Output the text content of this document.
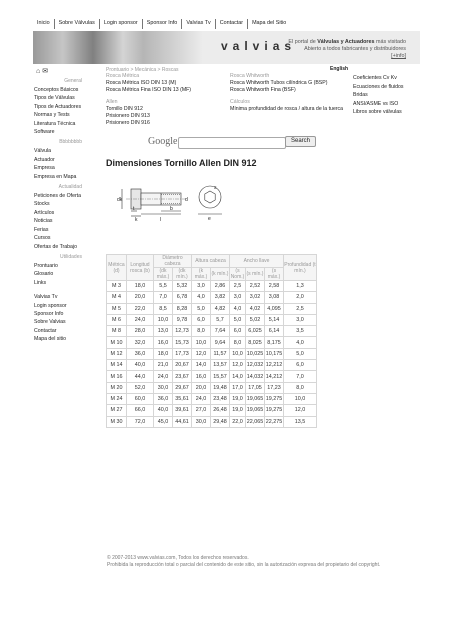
Inicio	Sobre Válvulas	Login sponsor	Sponsor Info	Valvias Tv	Contactar	Mapa del Sitio
valvias
El portal de Válvulas y Actuadores más visitado
Abierto a todos fabricantes y distribuidores
[+info]
⌂ ✉
General
Conceptos Básicos
Tipos de Válvulas
Tipos de Actuadores
Normas y Tests
Literatura Técnica
Software
Bbbbbbbb
Válvula
Actuador
Empresa
Empresa en Mapa
Actualidad
Peticiones de Oferta
Stocks
Artículos
Noticias
Ferias
Cursos
Ofertas de Trabajo
Utilidades
Prontuario
Glosario
Links
Valvias Tv
Login sponsor
Sponsor Info
Sobre Valvias
Contactar
Mapa del sitio
Prontuario > Mecánica > Roscas	English
Rosca Métrica
Rosca Métrica ISO DIN 13 (M)
Rosca Métrica Fina ISO DIN 13 (MF)
Rosca Whitworth
Rosca Whitworth Tubos cilíndrica G (BSP)
Rosca Whitworth Fina (BSF)
Allen
Tornillo DIN 912
Prisionero DIN 913
Prisionero DIN 916
Cálculos
Mínima profundidad de rosca / altura de la tuerca
Coeficientes Cv Kv
Ecuaciones de fluidos
Bridas
ANSI/ASME vs ISO
Libros sobre válvulas
Google	Search
Dimensiones Tornillo Allen DIN 912
dk	d
t
k
b
l
s
e
Métrica (d)	Longitud rosca (b)	Diámetro cabeza		Altura cabeza		Ancho llave			Profundidad (t mín.)
		(dk máx.)	(dk mín.)	(k máx.)	(k mín.)	(s Nom.)	(s mín.)	(s máx.)	
M 3	18,0	5,5	5,32	3,0	2,86	2,5	2,52	2,58	1,3
M 4	20,0	7,0	6,78	4,0	3,82	3,0	3,02	3,08	2,0
M 5	22,0	8,5	8,28	5,0	4,82	4,0	4,02	4,095	2,5
M 6	24,0	10,0	9,78	6,0	5,7	5,0	5,02	5,14	3,0
M 8	28,0	13,0	12,73	8,0	7,64	6,0	6,025	6,14	3,5
M 10	32,0	16,0	15,73	10,0	9,64	8,0	8,025	8,175	4,0
M 12	36,0	18,0	17,73	12,0	11,57	10,0	10,025	10,175	5,0
M 14	40,0	21,0	20,67	14,0	13,57	12,0	12,032	12,212	6,0
M 16	44,0	24,0	23,67	16,0	15,57	14,0	14,032	14,212	7,0
M 20	52,0	30,0	29,67	20,0	19,48	17,0	17,05	17,23	8,0
M 24	60,0	36,0	35,61	24,0	23,48	19,0	19,065	19,275	10,0
M 27	66,0	40,0	39,61	27,0	26,48	19,0	19,065	19,275	12,0
M 30	72,0	45,0	44,61	30,0	29,48	22,0	22,065	22,275	13,5
© 2007-2013 www.valvias.com, Todos los derechos reservados.
Prohibida la reproducción total o parcial del contenido de este sitio, sin la autorización expresa del propietario del copyright.
